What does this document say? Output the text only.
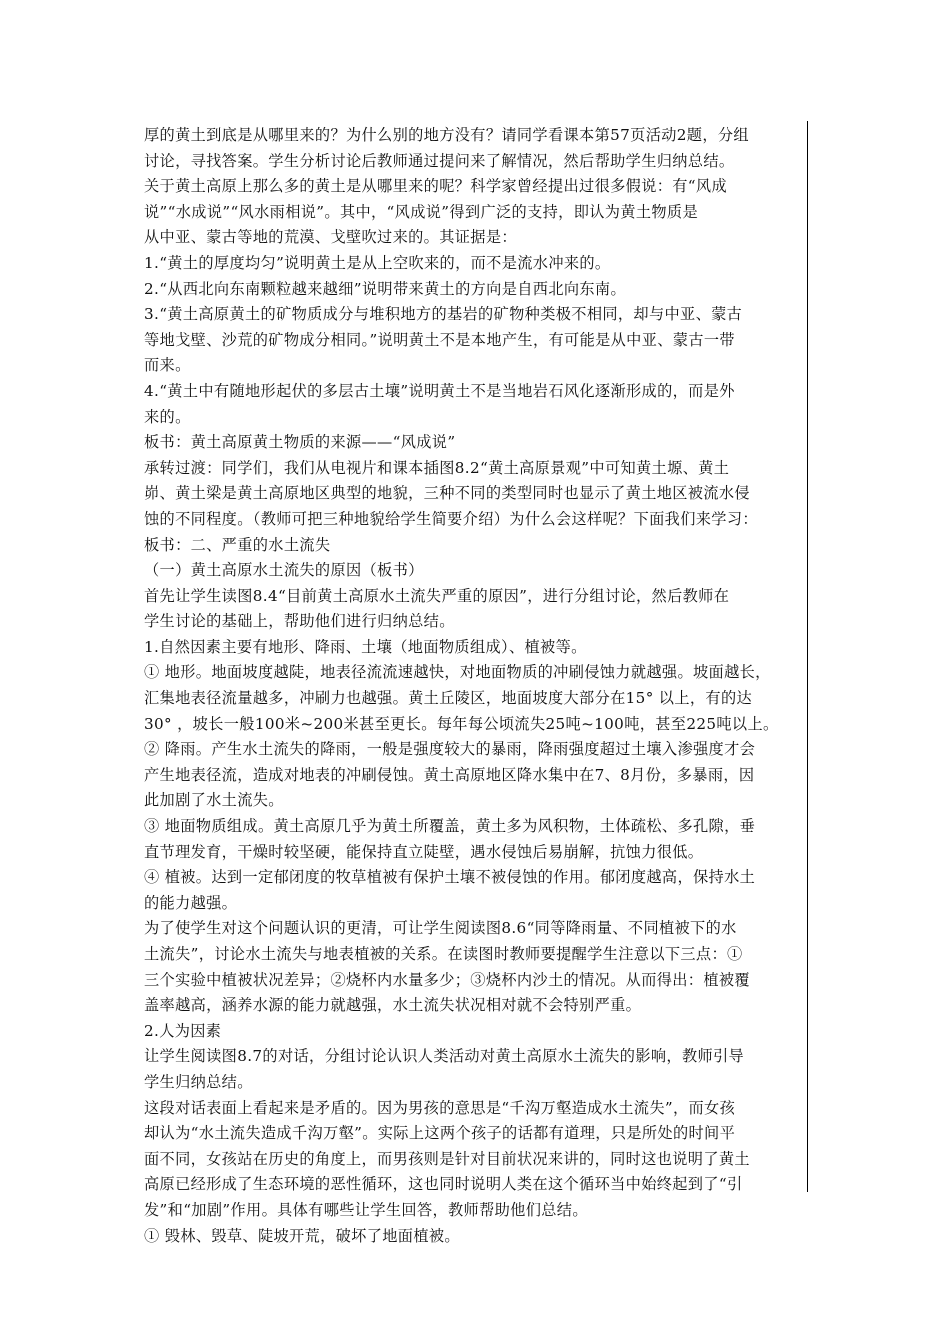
厚的黄土到底是从哪里来的？为什么别的地方没有？请同学看课本第57页活动2题，分组
讨论，寻找答案。学生分析讨论后教师通过提问来了解情况，然后帮助学生归纳总结。
关于黄土高原上那么多的黄土是从哪里来的呢？科学家曾经提出过很多假说：有“风成
说”“水成说”“风水雨相说”。其中，“风成说”得到广泛的支持，即认为黄土物质是
从中亚、蒙古等地的荒漠、戈壁吹过来的。其证据是：
1.“黄土的厚度均匀”说明黄土是从上空吹来的，而不是流水冲来的。
2.“从西北向东南颗粒越来越细”说明带来黄土的方向是自西北向东南。
3.“黄土高原黄土的矿物质成分与堆积地方的基岩的矿物种类极不相同，却与中亚、蒙古
等地戈壁、沙荒的矿物成分相同。”说明黄土不是本地产生，有可能是从中亚、蒙古一带
而来。
4.“黄土中有随地形起伏的多层古土壤”说明黄土不是当地岩石风化逐渐形成的，而是外
来的。
板书：黄土高原黄土物质的来源——“风成说”
承转过渡：同学们，我们从电视片和课本插图8.2“黄土高原景观”中可知黄土塬、黄土
峁、黄土梁是黄土高原地区典型的地貌，三种不同的类型同时也显示了黄土地区被流水侵
蚀的不同程度。（教师可把三种地貌给学生简要介绍）为什么会这样呢？下面我们来学习：
板书：二、严重的水土流失
（一）黄土高原水土流失的原因（板书）
首先让学生读图8.4“目前黄土高原水土流失严重的原因”，进行分组讨论，然后教师在
学生讨论的基础上，帮助他们进行归纳总结。
1.自然因素主要有地形、降雨、土壤（地面物质组成）、植被等。
① 地形。地面坡度越陡，地表径流流速越快，对地面物质的冲刷侵蚀力就越强。坡面越长，
汇集地表径流量越多，冲刷力也越强。黄土丘陵区，地面坡度大部分在15° 以上，有的达
30° ，坡长一般100米~200米甚至更长。每年每公顷流失25吨~100吨，甚至225吨以上。
② 降雨。产生水土流失的降雨，一般是强度较大的暴雨，降雨强度超过土壤入渗强度才会
产生地表径流，造成对地表的冲刷侵蚀。黄土高原地区降水集中在7、8月份，多暴雨，因
此加剧了水土流失。
③ 地面物质组成。黄土高原几乎为黄土所覆盖，黄土多为风积物，土体疏松、多孔隙，垂
直节理发育，干燥时较坚硬，能保持直立陡壁，遇水侵蚀后易崩解，抗蚀力很低。
④ 植被。达到一定郁闭度的牧草植被有保护土壤不被侵蚀的作用。郁闭度越高，保持水土
的能力越强。
为了使学生对这个问题认识的更清，可让学生阅读图8.6“同等降雨量、不同植被下的水
土流失”，讨论水土流失与地表植被的关系。在读图时教师要提醒学生注意以下三点：①
三个实验中植被状况差异；②烧杯内水量多少；③烧杯内沙土的情况。从而得出：植被覆
盖率越高，涵养水源的能力就越强，水土流失状况相对就不会特别严重。
2.人为因素
让学生阅读图8.7的对话，分组讨论认识人类活动对黄土高原水土流失的影响，教师引导
学生归纳总结。
这段对话表面上看起来是矛盾的。因为男孩的意思是“千沟万壑造成水土流失”，而女孩
却认为“水土流失造成千沟万壑”。实际上这两个孩子的话都有道理，只是所处的时间平
面不同，女孩站在历史的角度上，而男孩则是针对目前状况来讲的，同时这也说明了黄土
高原已经形成了生态环境的恶性循环，这也同时说明人类在这个循环当中始终起到了“引
发”和“加剧”作用。具体有哪些让学生回答，教师帮助他们总结。
① 毁林、毁草、陡坡开荒，破坏了地面植被。
